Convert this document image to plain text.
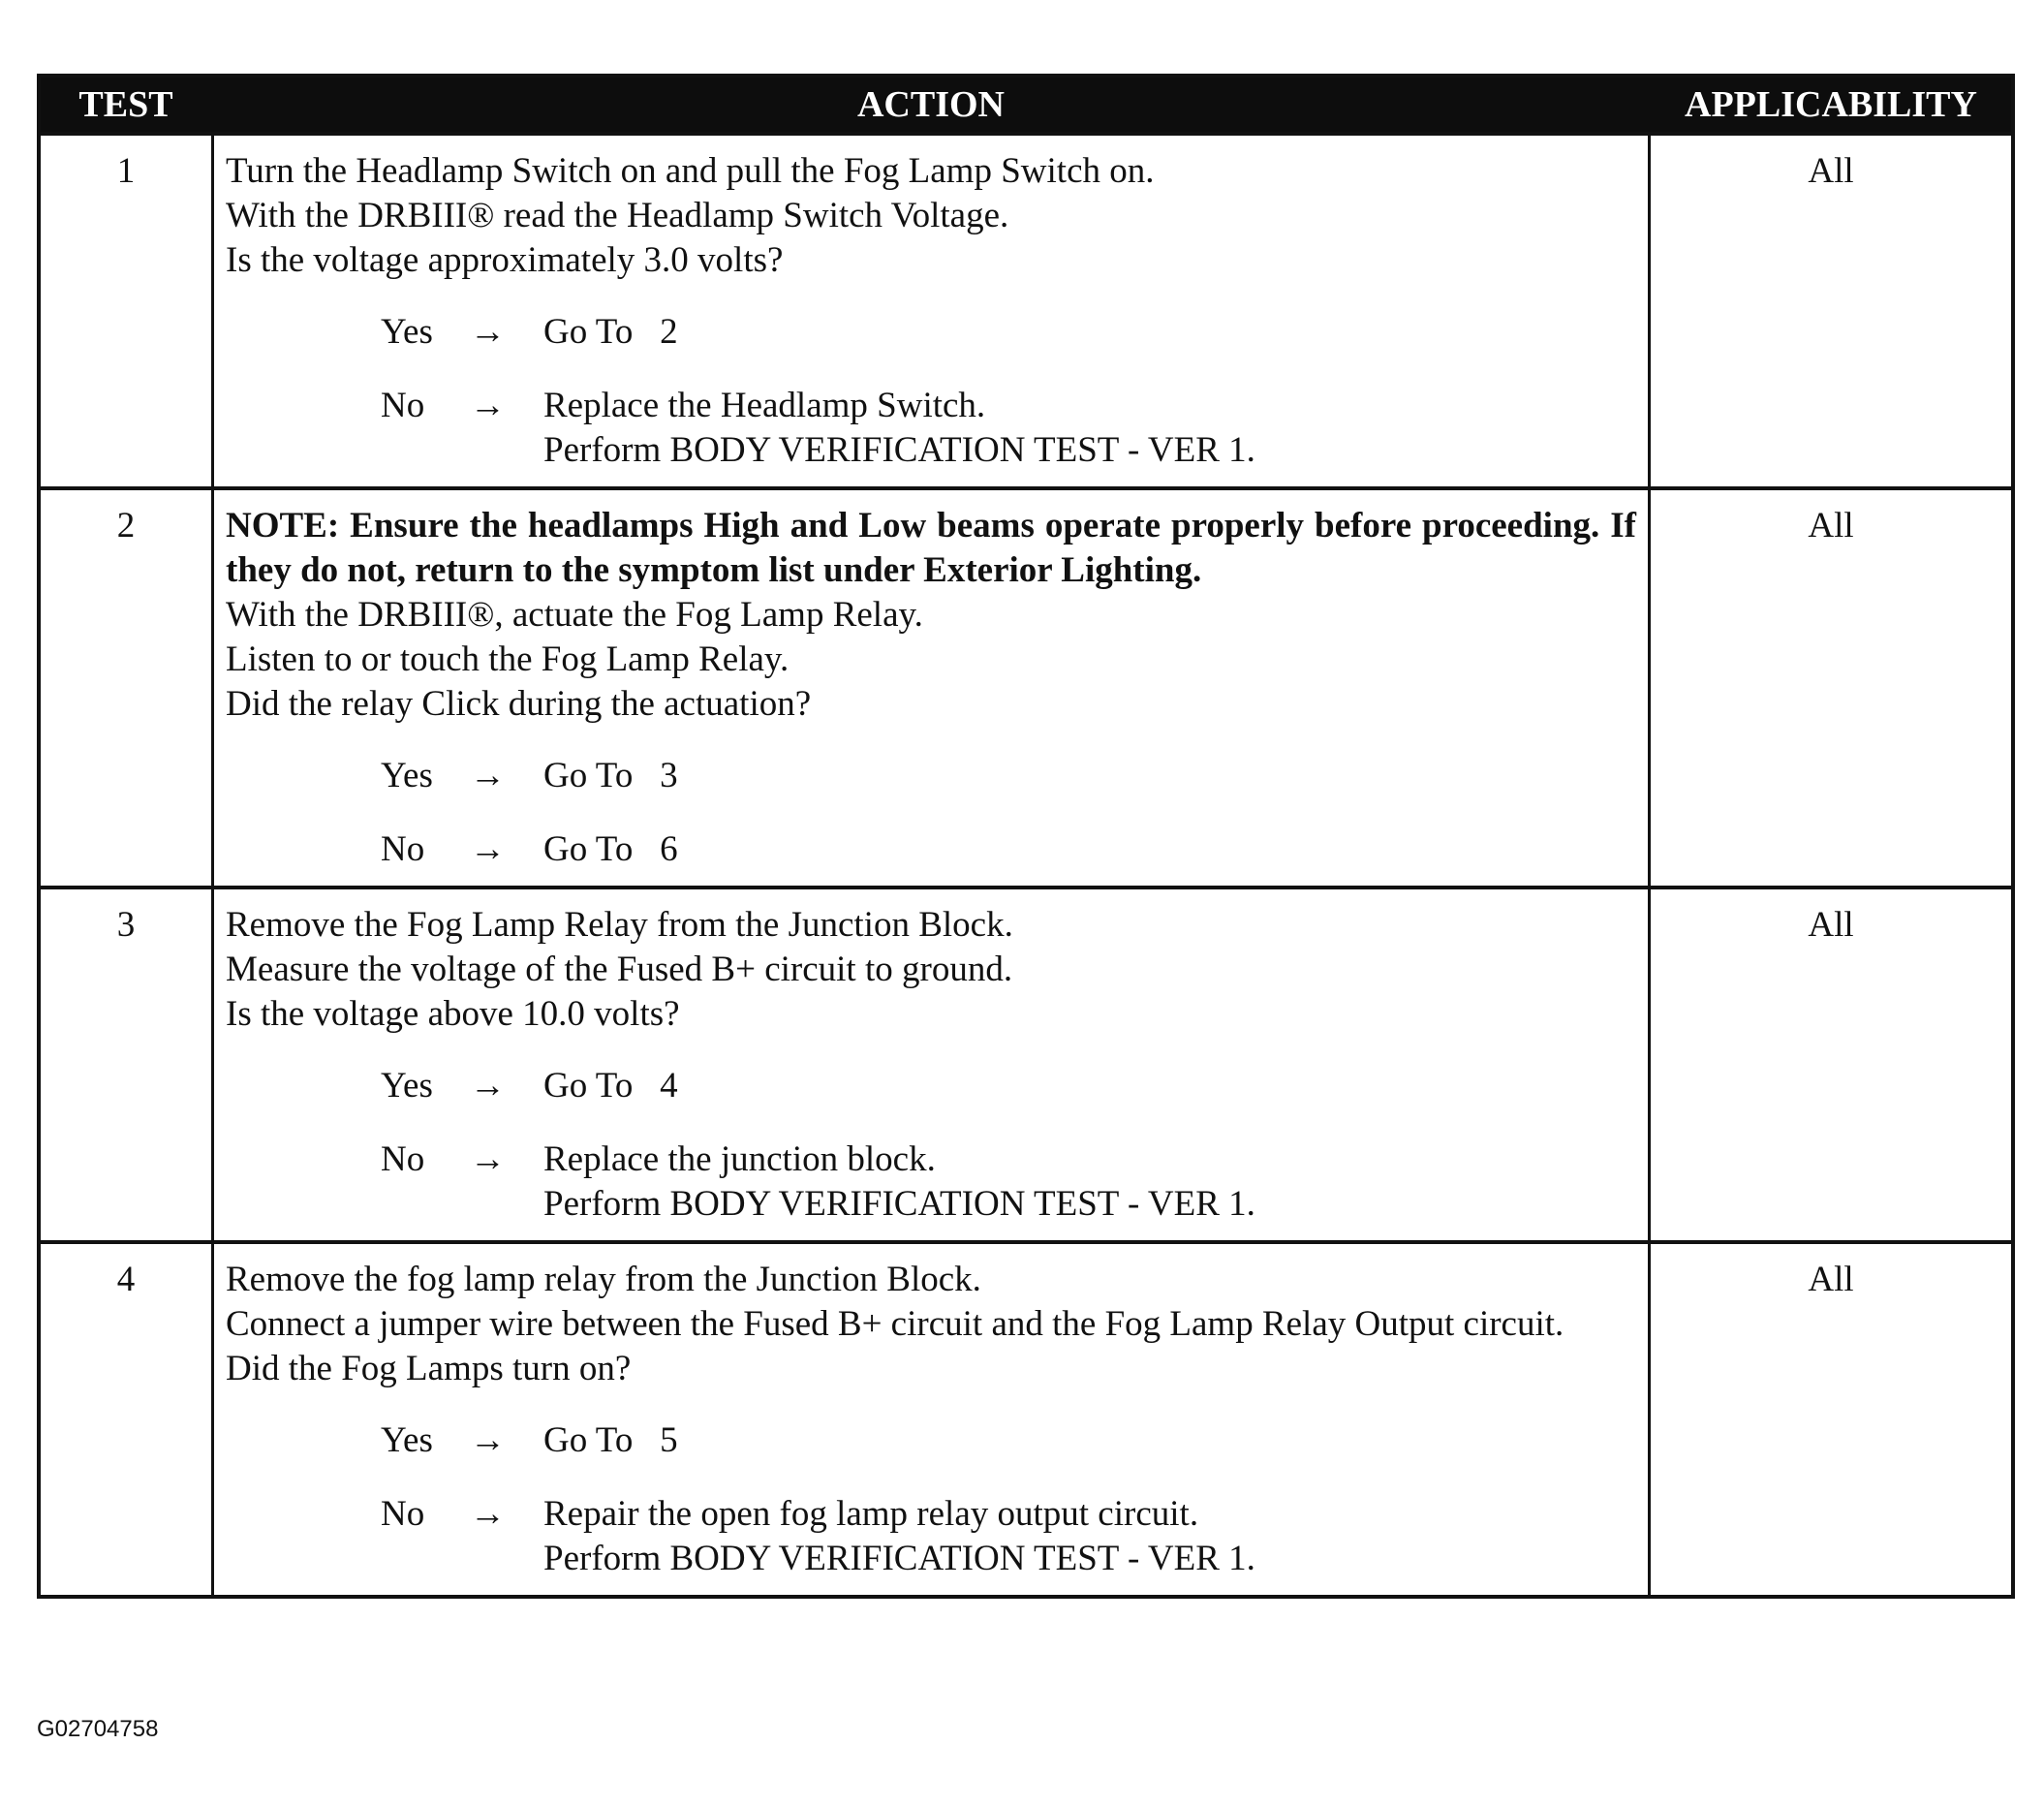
TEST	ACTION	APPLICABILITY
1	Turn the Headlamp Switch on and pull the Fog Lamp Switch on.
With the DRBIII® read the Headlamp Switch Voltage.
Is the voltage approximately 3.0 volts?
Yes	→	Go To   2
No	→	Replace the Headlamp Switch.
Perform BODY VERIFICATION TEST - VER 1.
All
2	NOTE: Ensure the headlamps High and Low beams operate properly before proceeding. If they do not, return to the symptom list under Exterior Lighting.
With the DRBIII®, actuate the Fog Lamp Relay.
Listen to or touch the Fog Lamp Relay.
Did the relay Click during the actuation?
Yes	→	Go To   3
No	→	Go To   6
All
3	Remove the Fog Lamp Relay from the Junction Block.
Measure the voltage of the Fused B+ circuit to ground.
Is the voltage above 10.0 volts?
Yes	→	Go To   4
No	→	Replace the junction block.
Perform BODY VERIFICATION TEST - VER 1.
All
4	Remove the fog lamp relay from the Junction Block.
Connect a jumper wire between the Fused B+ circuit and the Fog Lamp Relay Output circuit.
Did the Fog Lamps turn on?
Yes	→	Go To   5
No	→	Repair the open fog lamp relay output circuit.
Perform BODY VERIFICATION TEST - VER 1.
All
G02704758
